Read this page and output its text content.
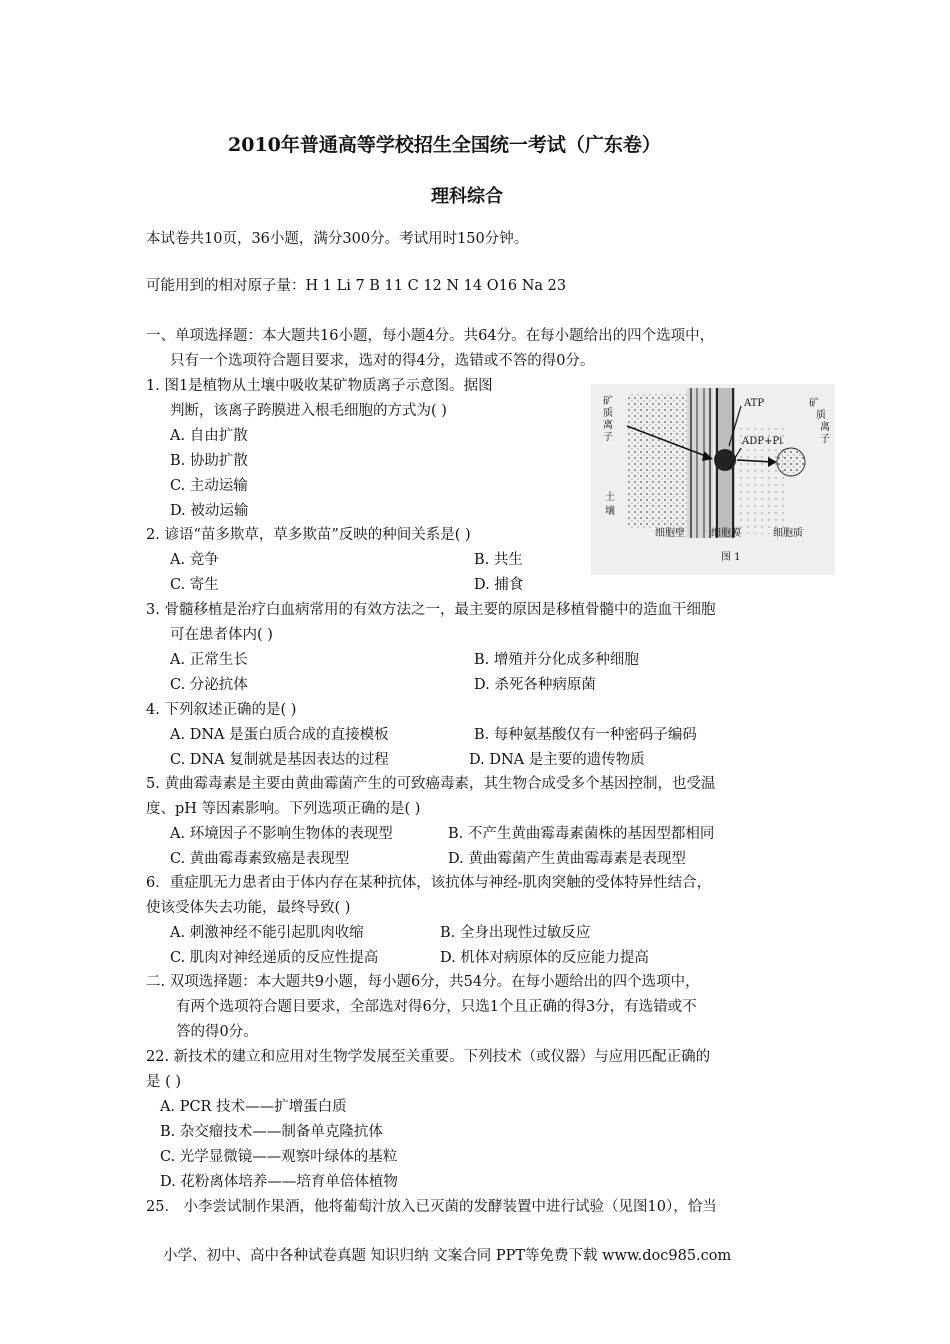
2010年普通高等学校招生全国统一考试（广东卷）
理科综合
本试卷共10页，36小题，满分300分。考试用时150分钟。
可能用到的相对原子量：H 1 Li 7 B 11 C 12 N 14 O16 Na 23
一、单项选择题：本大题共16小题，每小题4分。共64分。在每小题给出的四个选项中，
只有一个选项符合题目要求，选对的得4分，选错或不答的得0分。
1. 图1是植物从土壤中吸收某矿物质离子示意图。据图
判断，该离子跨膜进入根毛细胞的方式为( )
A. 自由扩散
B. 协助扩散
C. 主动运输
D. 被动运输
矿
质
离
子
矿
质
离
子
土
壤
ATP
ADP+Pi
细胞壁	细胞膜	细胞质
图 1
2. 谚语“苗多欺草，草多欺苗”反映的种间关系是( )
A. 竞争	B. 共生
C. 寄生	D. 捕食
3. 骨髓移植是治疗白血病常用的有效方法之一，最主要的原因是移植骨髓中的造血干细胞
可在患者体内( )
A. 正常生长	B. 增殖并分化成多种细胞
C. 分泌抗体	D. 杀死各种病原菌
4. 下列叙述正确的是( )
A. DNA 是蛋白质合成的直接模板	B. 每种氨基酸仅有一种密码子编码
C. DNA 复制就是基因表达的过程	D. DNA 是主要的遗传物质
5. 黄曲霉毒素是主要由黄曲霉菌产生的可致癌毒素，其生物合成受多个基因控制，也受温
度、pH 等因素影响。下列选项正确的是( )
A. 环境因子不影响生物体的表现型	B. 不产生黄曲霉毒素菌株的基因型都相同
C. 黄曲霉毒素致癌是表现型	D. 黄曲霉菌产生黄曲霉毒素是表现型
6．重症肌无力患者由于体内存在某种抗体，该抗体与神经-肌肉突触的受体特异性结合，
使该受体失去功能，最终导致( )
A. 刺激神经不能引起肌肉收缩	B. 全身出现性过敏反应
C. 肌肉对神经递质的反应性提高	D. 机体对病原体的反应能力提高
二. 双项选择题：本大题共9小题，每小题6分，共54分。在每小题给出的四个选项中，
有两个选项符合题目要求，全部选对得6分，只选1个且正确的得3分，有选错或不
答的得0分。
22. 新技术的建立和应用对生物学发展至关重要。下列技术（或仪器）与应用匹配正确的
是 ( )
A. PCR 技术——扩增蛋白质
B. 杂交瘤技术——制备单克隆抗体
C. 光学显微镜——观察叶绿体的基粒
D. 花粉离体培养——培育单倍体植物
25． 小李尝试制作果酒，他将葡萄汁放入已灭菌的发酵装置中进行试验（见图10），恰当
小学、初中、高中各种试卷真题 知识归纳 文案合同 PPT等免费下载 www.doc985.com
